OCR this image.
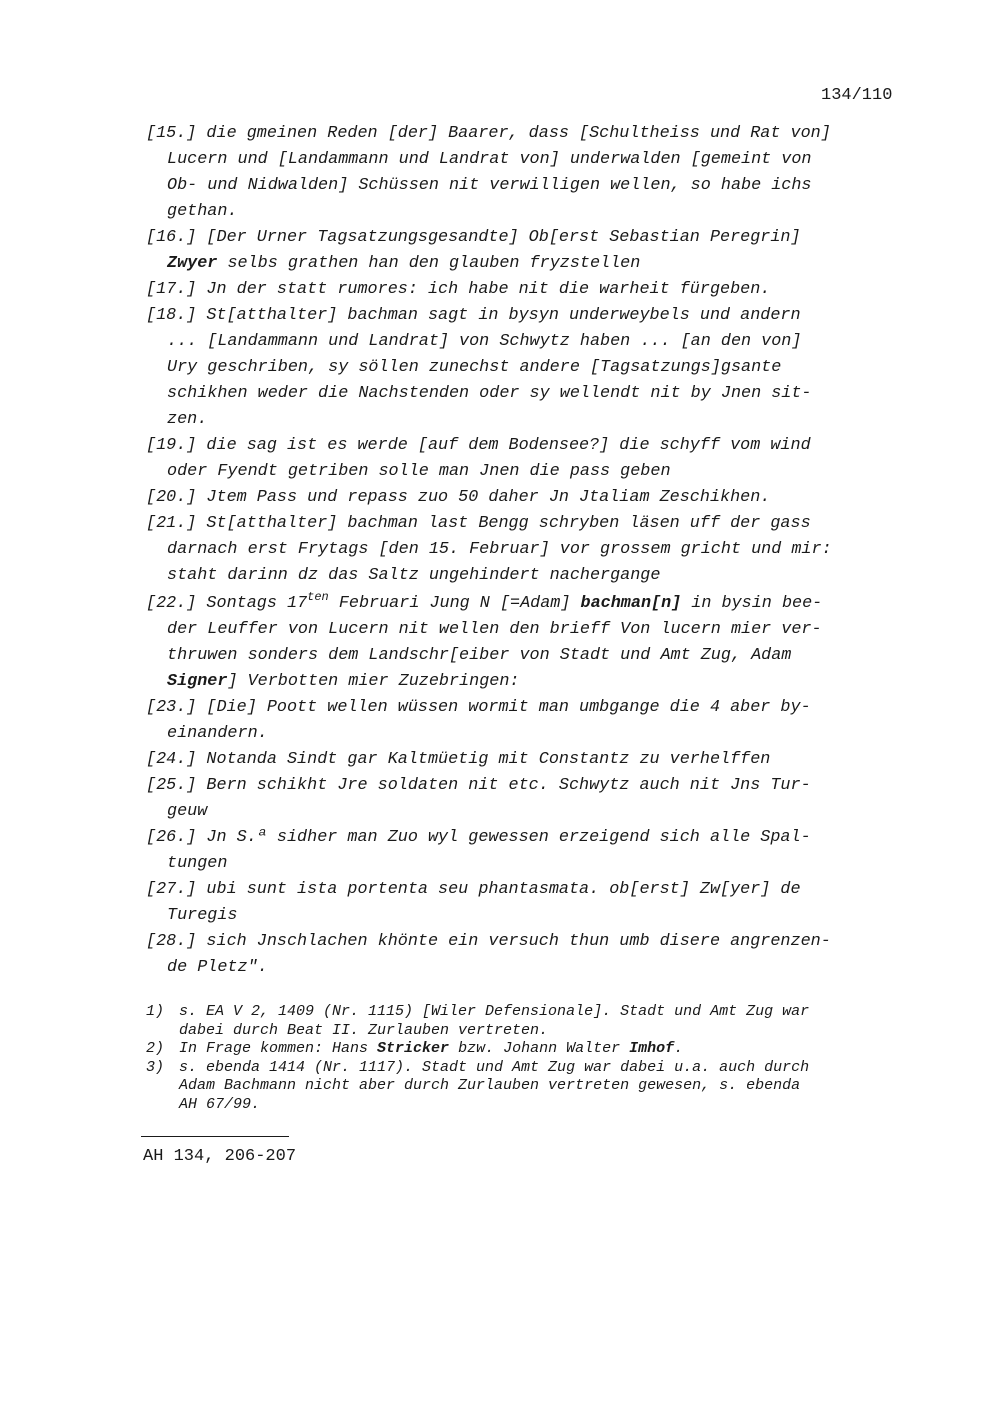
134/110
[15.] die gmeinen Reden [der] Baarer, dass [Schultheiss und Rat von]
Lucern und [Landammann und Landrat von] underwalden [gemeint von
Ob- und Nidwalden] Schüssen nit verwilligen wellen, so habe ichs
gethan.
[16.] [Der Urner Tagsatzungsgesandte] Ob[erst Sebastian Peregrin]
Zwyer selbs grathen han den glauben fryzstellen
[17.] Jn der statt rumores: ich habe nit die warheit fürgeben.
[18.] St[atthalter] bachman sagt in bysyn underweybels und andern
... [Landammann und Landrat] von Schwytz haben ... [an den von]
Ury geschriben, sy söllen zunechst andere [Tagsatzungs]gsante
schikhen weder die Nachstenden oder sy wellendt nit by Jnen sit-
zen.
[19.] die sag ist es werde [auf dem Bodensee?] die schyff vom wind
oder Fyendt getriben solle man Jnen die pass geben
[20.] Jtem Pass und repass zuo 50 daher Jn Jtaliam Zeschikhen.
[21.] St[atthalter] bachman last Bengg schryben läsen uff der gass
darnach erst Frytags [den 15. Februar] vor grossem gricht und mir:
staht darinn dz das Saltz ungehindert nachergange
[22.] Sontags $17^{ten}$ Februari Jung N [=Adam] bachman[n] in bysin bee-
der Leuffer von Lucern nit wellen den brieff Von lucern mier ver-
thruwen sonders dem Landschr[eiber von Stadt und Amt Zug, Adam
Signer] Verbotten mier Zuzebringen:
[23.] [Die] Poott wellen wüssen wormit man umbgange die 4 aber by-
einandern.
[24.] Notanda Sindt gar Kaltmüetig mit Constantz zu verhelffen
[25.] Bern schikht Jre soldaten nit etc. Schwytz auch nit Jns Tur-
geuw
[26.] Jn S.ª sidher man Zuo wyl gewessen erzeigend sich alle Spal-
tungen
[27.] ubi sunt ista portenta seu phantasmata. ob[erst] Zw[yer] de
Turegis
[28.] sich Jnschlachen khönte ein versuch thun umb disere angrenzen-
de Pletz".
1) s. EA V 2, 1409 (Nr. 1115) [Wiler Defensionale]. Stadt und Amt Zug war
dabei durch Beat II. Zurlauben vertreten.
2) In Frage kommen: Hans Stricker bzw. Johann Walter Imhof.
3) s. ebenda 1414 (Nr. 1117). Stadt und Amt Zug war dabei u.a. auch durch
Adam Bachmann nicht aber durch Zurlauben vertreten gewesen, s. ebenda
AH 67/99.
AH 134, 206-207
